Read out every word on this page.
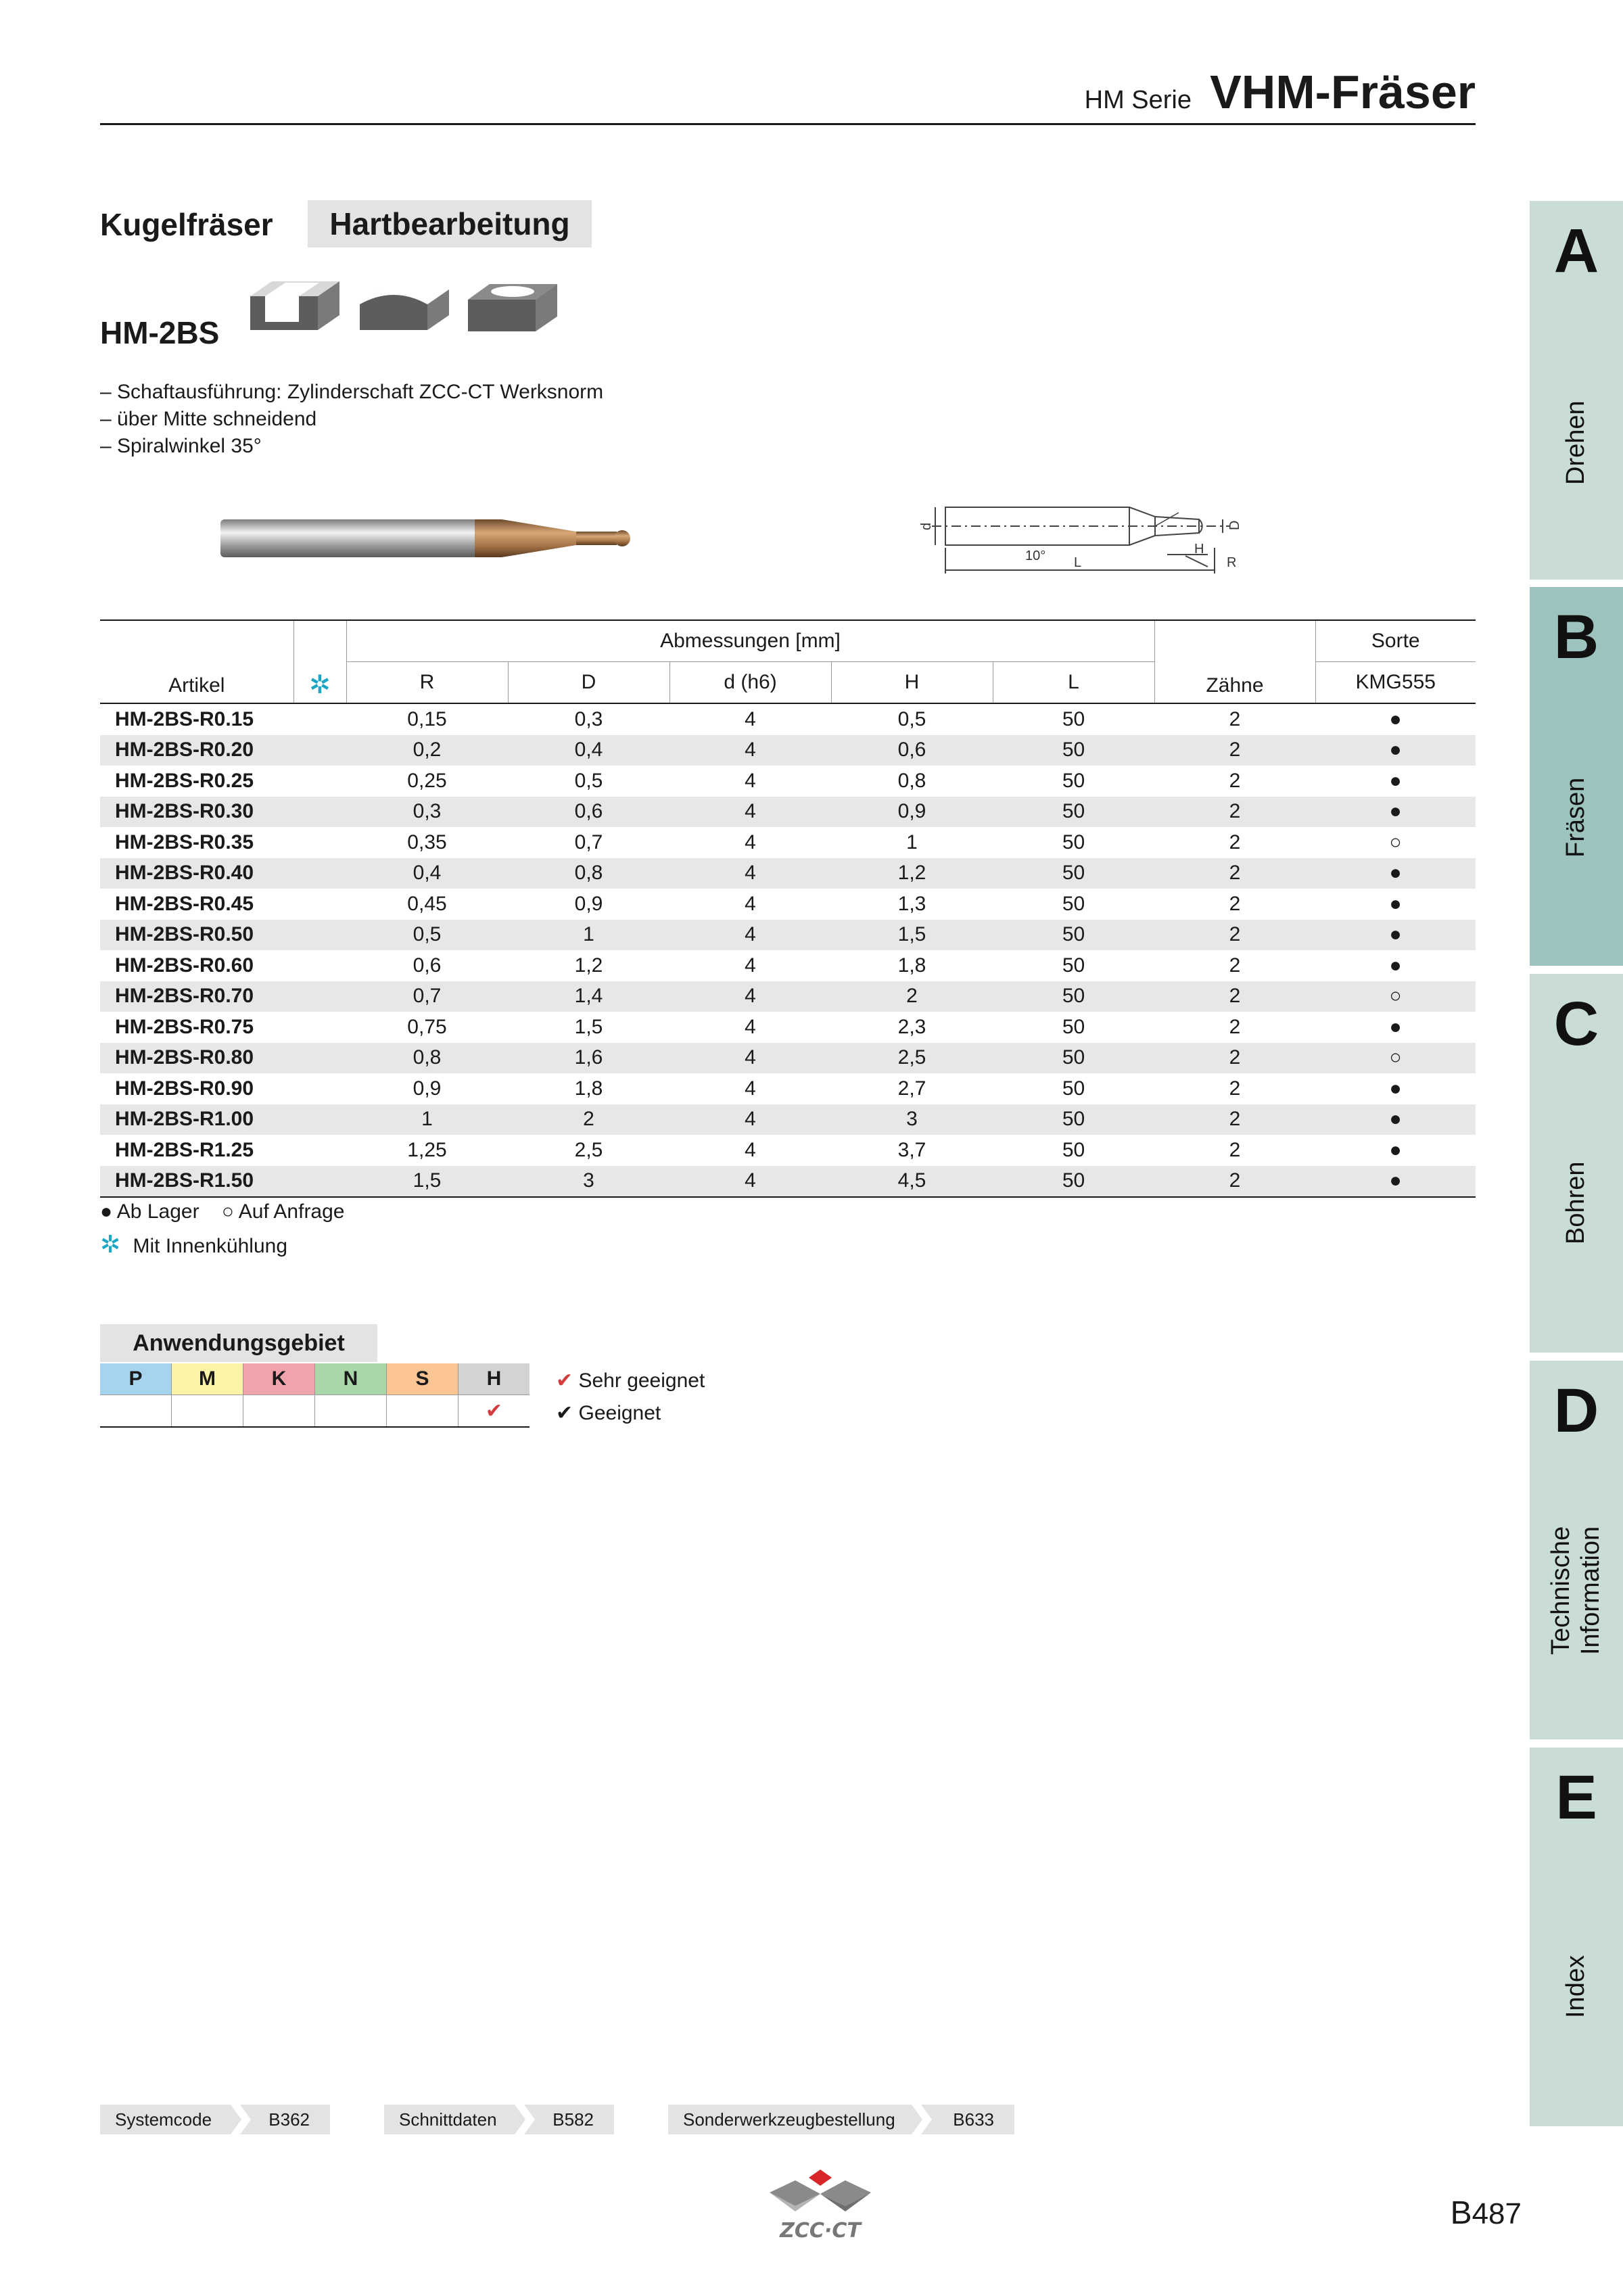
HM Serie VHM-Fräser
A
Drehen
B
Fräsen
C
Bohren
D
Technische Information
E
Index
Kugelfräser	Hartbearbeitung
HM-2BS
– Schaftausführung: Zylinderschaft ZCC-CT Werksnorm
– über Mitte schneidend
– Spiralwinkel 35°
d	D
10° L
H
R
Artikel	✲	Abmessungen [mm]					Zähne	Sorte
		R	D	d (h6)	H	L		KMG555
HM-2BS-R0.15		0,15	0,3	4	0,5	50	2	●
HM-2BS-R0.20		0,2	0,4	4	0,6	50	2	●
HM-2BS-R0.25		0,25	0,5	4	0,8	50	2	●
HM-2BS-R0.30		0,3	0,6	4	0,9	50	2	●
HM-2BS-R0.35		0,35	0,7	4	1	50	2	○
HM-2BS-R0.40		0,4	0,8	4	1,2	50	2	●
HM-2BS-R0.45		0,45	0,9	4	1,3	50	2	●
HM-2BS-R0.50		0,5	1	4	1,5	50	2	●
HM-2BS-R0.60		0,6	1,2	4	1,8	50	2	●
HM-2BS-R0.70		0,7	1,4	4	2	50	2	○
HM-2BS-R0.75		0,75	1,5	4	2,3	50	2	●
HM-2BS-R0.80		0,8	1,6	4	2,5	50	2	○
HM-2BS-R0.90		0,9	1,8	4	2,7	50	2	●
HM-2BS-R1.00		1	2	4	3	50	2	●
HM-2BS-R1.25		1,25	2,5	4	3,7	50	2	●
HM-2BS-R1.50		1,5	3	4	4,5	50	2	●
● Ab Lager ○ Auf Anfrage
✲ Mit Innenkühlung
Anwendungsgebiet
P	M	K	N	S	H
					✔
✔ Sehr geeignet
✔ Geeignet
Systemcode	B362	Schnittdaten	B582	Sonderwerkzeugbestellung	B633
ZCC·CT	B487
